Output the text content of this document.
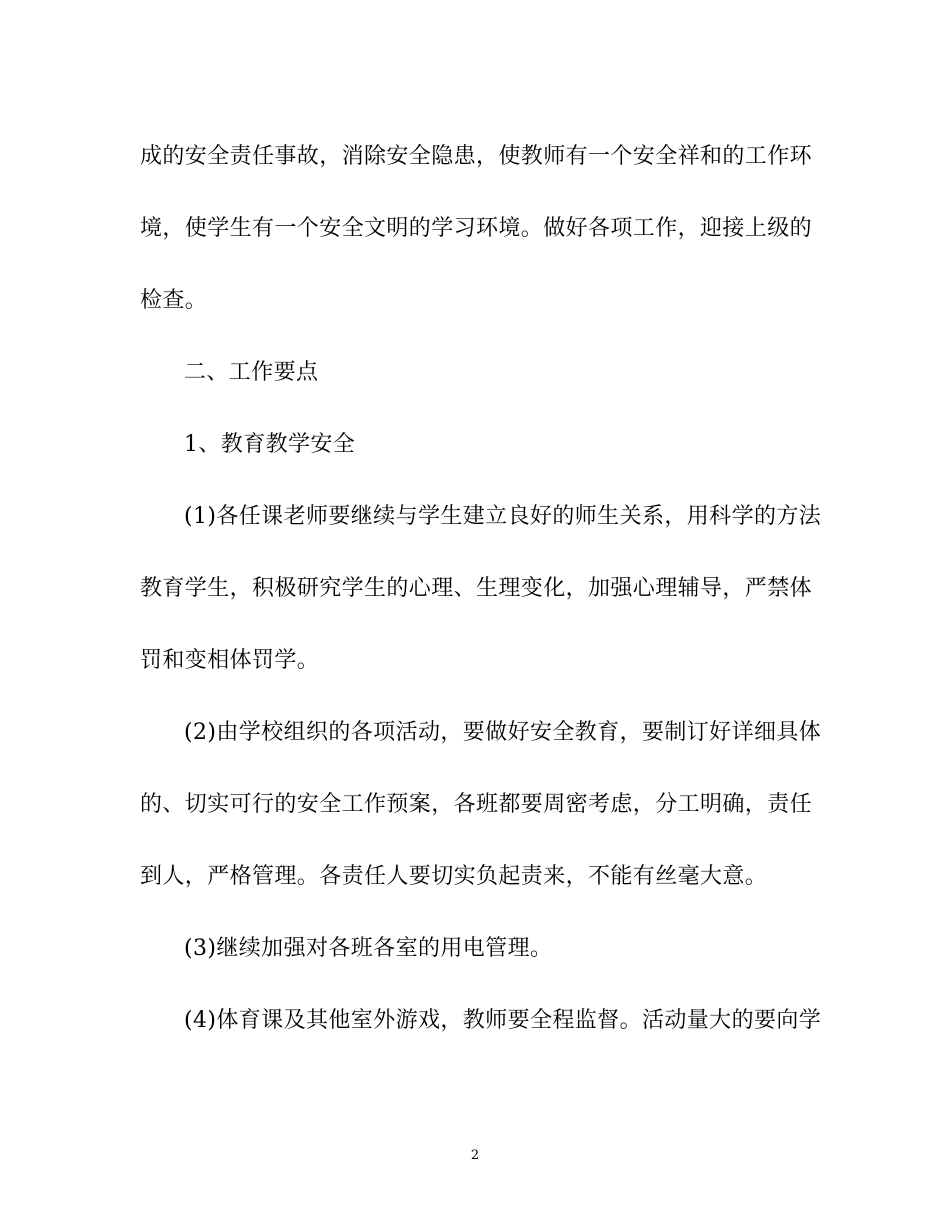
成的安全责任事故，消除安全隐患，使教师有一个安全祥和的工作环
境，使学生有一个安全文明的学习环境。做好各项工作，迎接上级的
检查。
二、工作要点
1、教育教学安全
(1)各任课老师要继续与学生建立良好的师生关系，用科学的方法
教育学生，积极研究学生的心理、生理变化，加强心理辅导，严禁体
罚和变相体罚学。
(2)由学校组织的各项活动，要做好安全教育，要制订好详细具体
的、切实可行的安全工作预案，各班都要周密考虑，分工明确，责任
到人，严格管理。各责任人要切实负起责来，不能有丝毫大意。
(3)继续加强对各班各室的用电管理。
(4)体育课及其他室外游戏，教师要全程监督。活动量大的要向学
2
